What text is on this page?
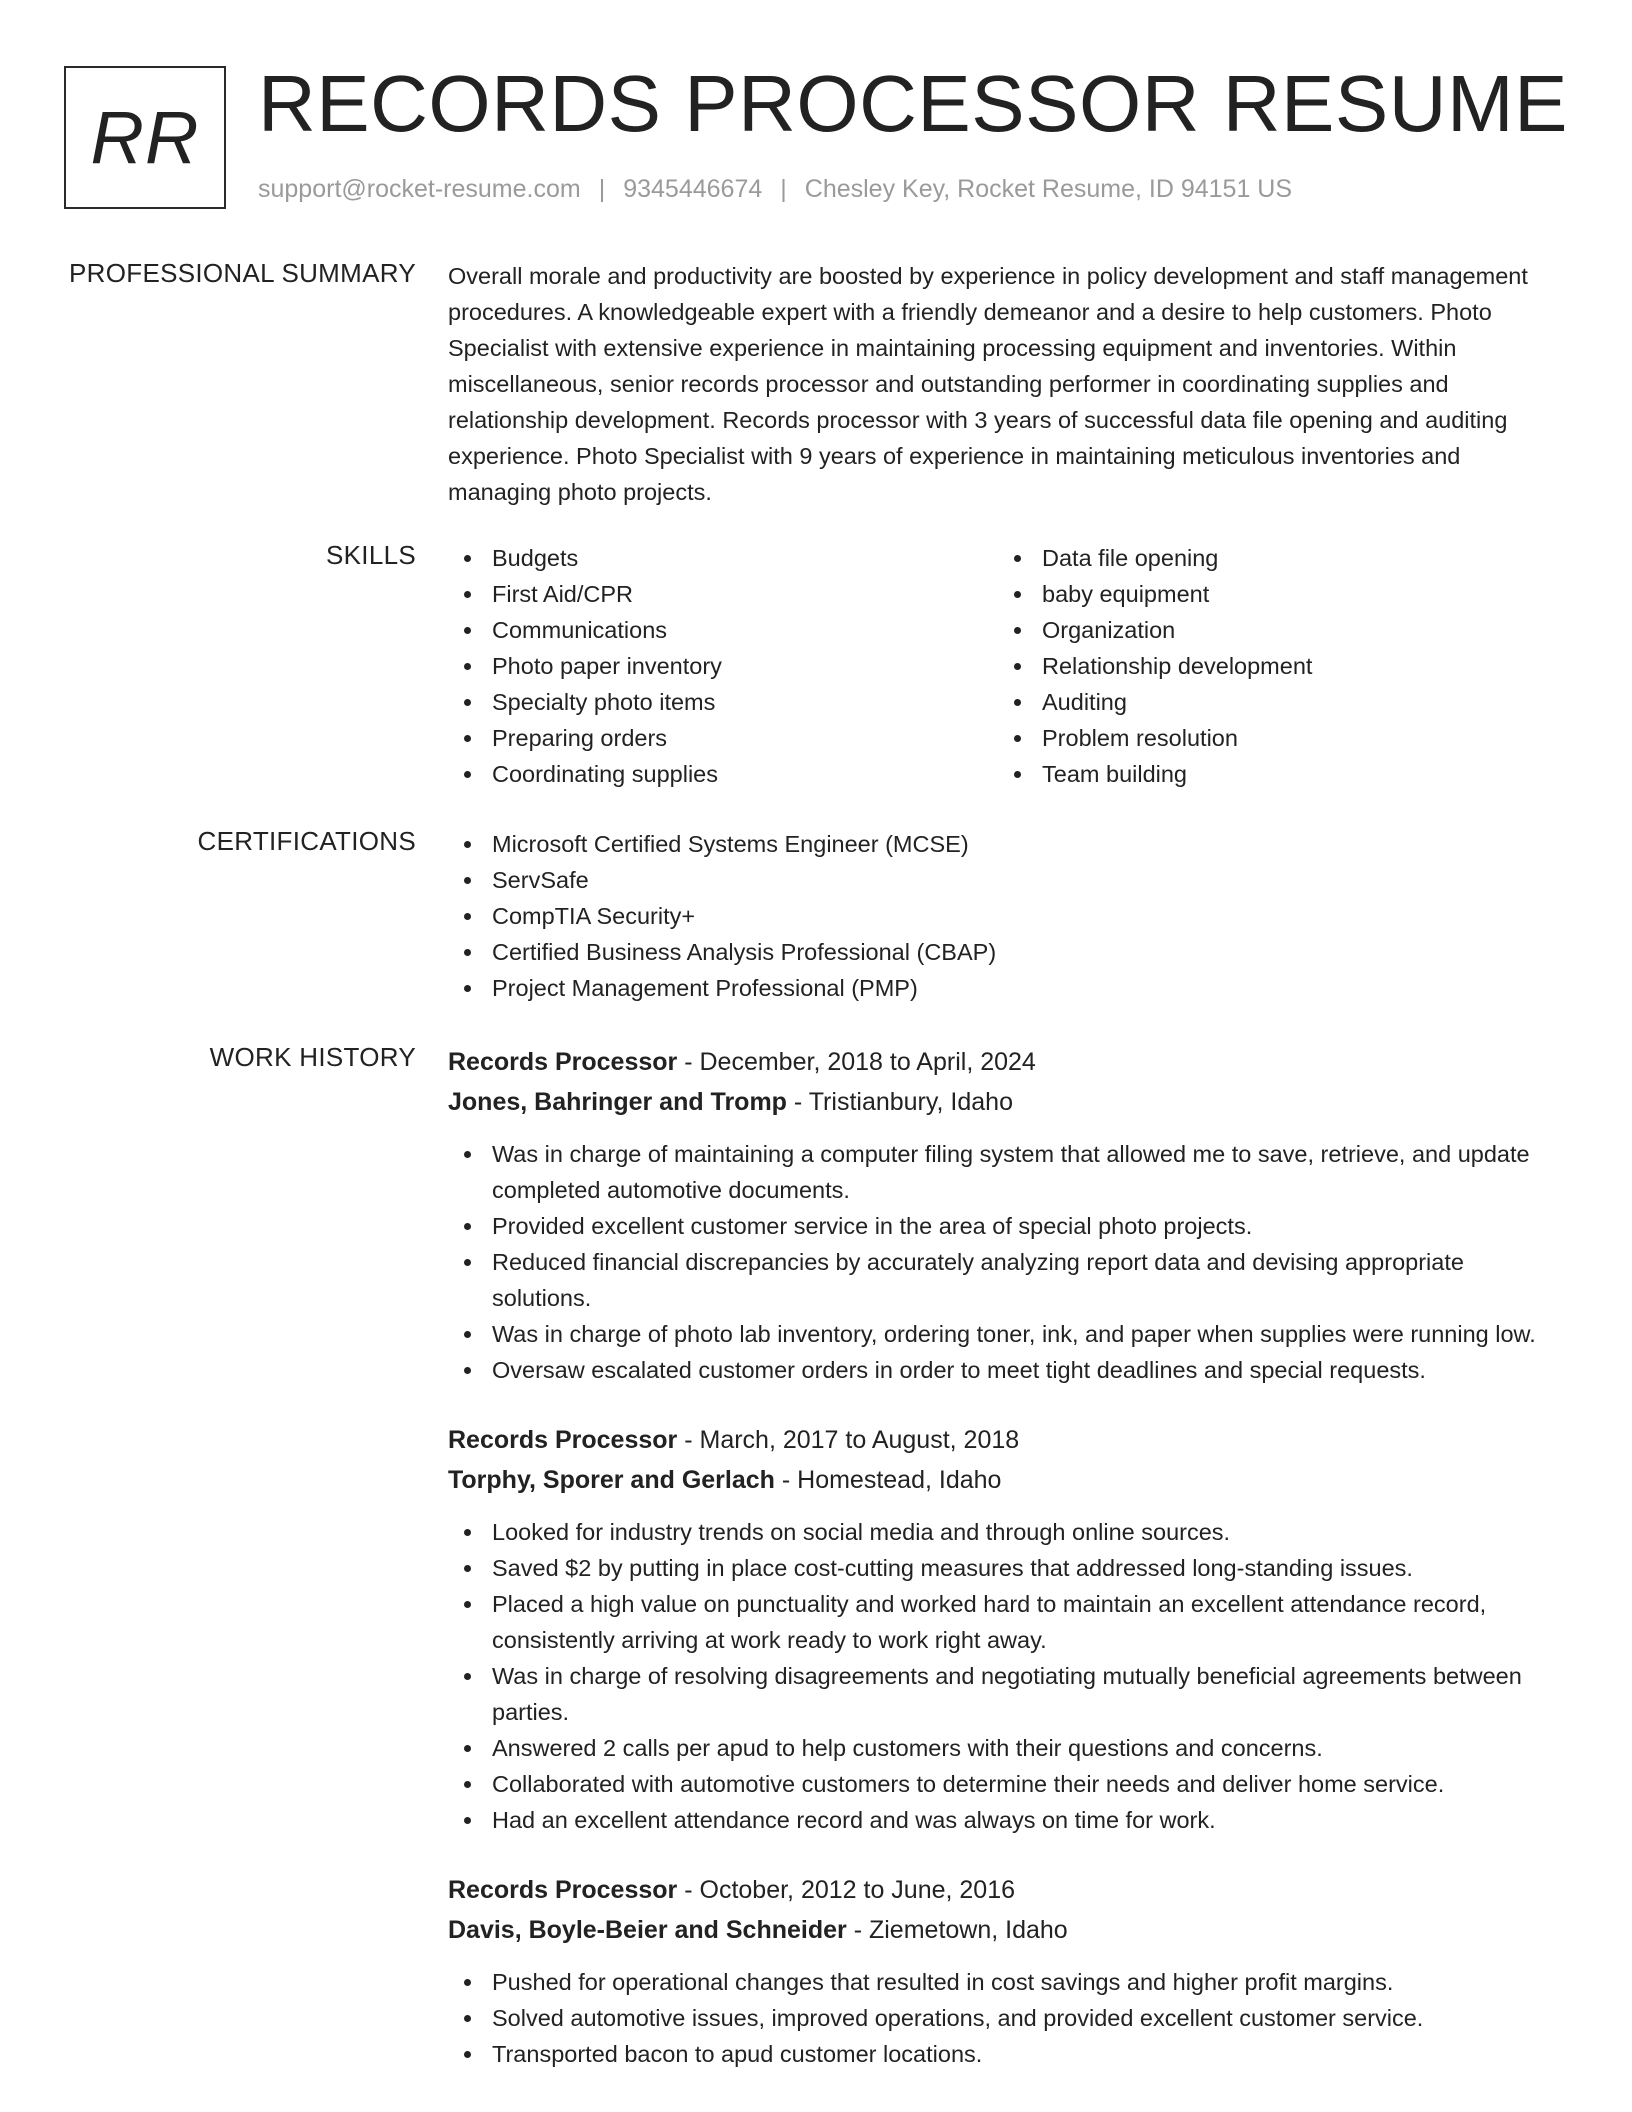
RR RECORDS PROCESSOR RESUME
support@rocket-resume.com | 9345446674 | Chesley Key, Rocket Resume, ID 94151 US
PROFESSIONAL SUMMARY Overall morale and productivity are boosted by experience in policy development and staff management procedures. A knowledgeable expert with a friendly demeanor and a desire to help customers. Photo Specialist with extensive experience in maintaining processing equipment and inventories. Within miscellaneous, senior records processor and outstanding performer in coordinating supplies and relationship development. Records processor with 3 years of successful data file opening and auditing experience. Photo Specialist with 9 years of experience in maintaining meticulous inventories and managing photo projects.

SKILLS	Budgets
First Aid/CPR
Communications
Photo paper inventory
Specialty photo items
Preparing orders
Coordinating supplies
Data file opening
baby equipment
Organization
Relationship development
Auditing
Problem resolution
Team building
CERTIFICATIONS	Microsoft Certified Systems Engineer (MCSE)
ServSafe
CompTIA Security+
Certified Business Analysis Professional (CBAP)
Project Management Professional (PMP)
WORK HISTORY Records Processor - December, 2018 to April, 2024
Jones, Bahringer and Tromp - Tristianbury, Idaho
Was in charge of maintaining a computer filing system that allowed me to save, retrieve, and update completed automotive documents.
Provided excellent customer service in the area of special photo projects.
Reduced financial discrepancies by accurately analyzing report data and devising appropriate solutions.
Was in charge of photo lab inventory, ordering toner, ink, and paper when supplies were running low.
Oversaw escalated customer orders in order to meet tight deadlines and special requests.
Records Processor - March, 2017 to August, 2018
Torphy, Sporer and Gerlach - Homestead, Idaho
Looked for industry trends on social media and through online sources.
Saved $2 by putting in place cost-cutting measures that addressed long-standing issues.
Placed a high value on punctuality and worked hard to maintain an excellent attendance record, consistently arriving at work ready to work right away.
Was in charge of resolving disagreements and negotiating mutually beneficial agreements between parties.
Answered 2 calls per apud to help customers with their questions and concerns.
Collaborated with automotive customers to determine their needs and deliver home service.
Had an excellent attendance record and was always on time for work.
Records Processor - October, 2012 to June, 2016
Davis, Boyle-Beier and Schneider - Ziemetown, Idaho
Pushed for operational changes that resulted in cost savings and higher profit margins.
Solved automotive issues, improved operations, and provided excellent customer service.
Transported bacon to apud customer locations.
